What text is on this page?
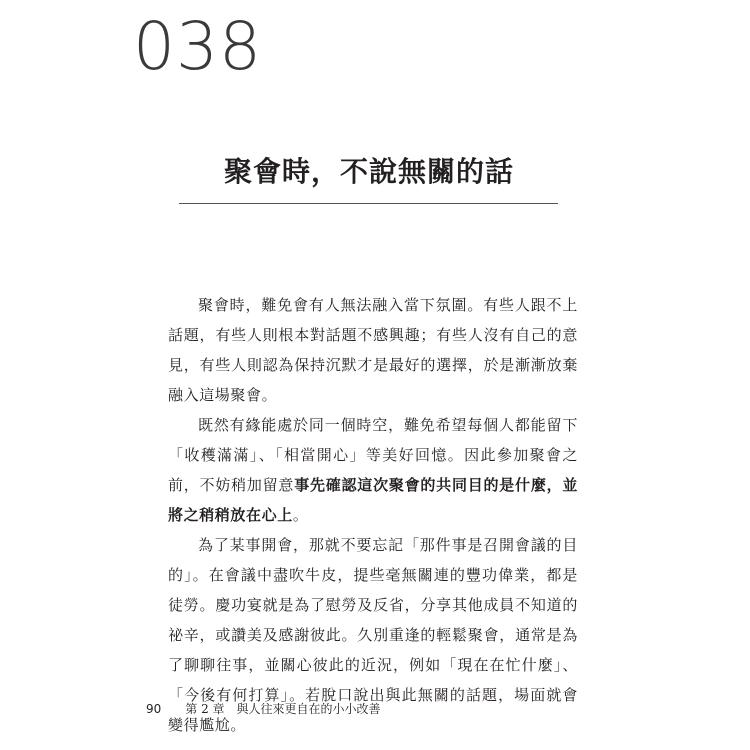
038
聚會時，不說無關的話

聚會時，難免會有人無法融入當下氛圍。有些人跟不上話題，有些人則根本對話題不感興趣；有些人沒有自己的意見，有些人則認為保持沉默才是最好的選擇，於是漸漸放棄融入這場聚會。

既然有緣能處於同一個時空，難免希望每個人都能留下「收穫滿滿」、「相當開心」等美好回憶。因此參加聚會之前，不妨稍加留意事先確認這次聚會的共同目的是什麼，並將之稍稍放在心上。

為了某事開會，那就不要忘記「那件事是召開會議的目的」。在會議中盡吹牛皮，提些毫無關連的豐功偉業，都是徒勞。慶功宴就是為了慰勞及反省，分享其他成員不知道的祕辛，或讚美及感謝彼此。久別重逢的輕鬆聚會，通常是為了聊聊往事，並關心彼此的近況，例如「現在在忙什麼」、「今後有何打算」。若脫口說出與此無關的話題，場面就會變得尷尬。

90 第 2 章　與人往來更自在的小小改善
